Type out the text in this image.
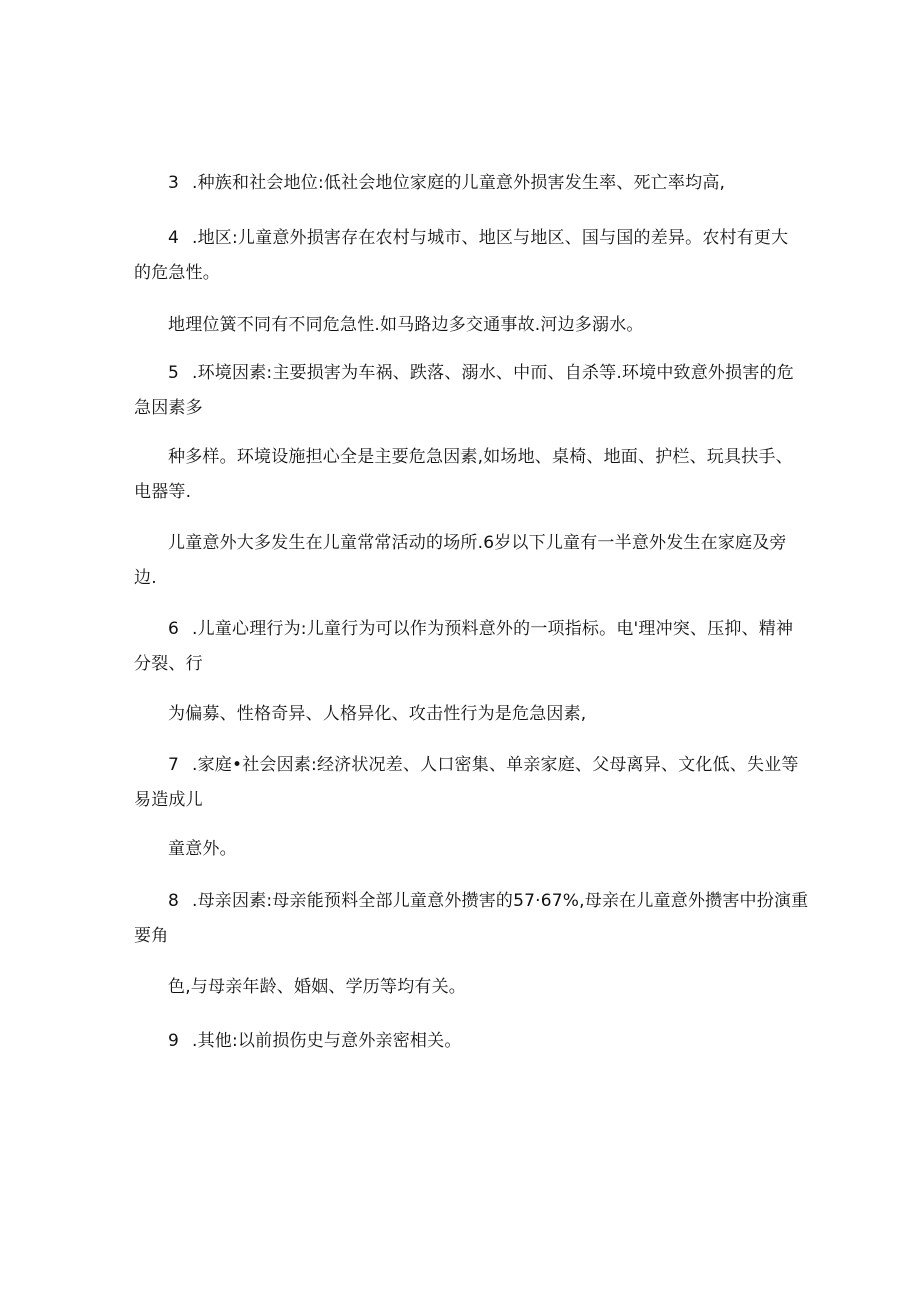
3 .种族和社会地位:低社会地位家庭的儿童意外损害发生率、死亡率均高,
4 .地区:儿童意外损害存在农村与城市、地区与地区、国与国的差异。农村有更大
的危急性。
地理位簧不同有不同危急性.如马路边多交通事故.河边多溺水。
5 .环境因素:主要损害为车祸、跌落、溺水、中而、自杀等.环境中致意外损害的危
急因素多
种多样。环境设施担心全是主要危急因素,如场地、桌椅、地面、护栏、玩具扶手、
电器等.
儿童意外大多发生在儿童常常活动的场所.6岁以下儿童有一半意外发生在家庭及旁
边.
6 .儿童心理行为:儿童行为可以作为预料意外的一项指标。电'理冲突、压抑、精神
分裂、行
为偏募、性格奇异、人格异化、攻击性行为是危急因素,
7 .家庭•社会因素:经济状况差、人口密集、单亲家庭、父母离异、文化低、失业等
易造成儿
童意外。
8 .母亲因素:母亲能预料全部儿童意外攒害的57·67%,母亲在儿童意外攒害中扮演重
要角
色,与母亲年龄、婚姻、学历等均有关。
9 .其他:以前损伤史与意外亲密相关。
